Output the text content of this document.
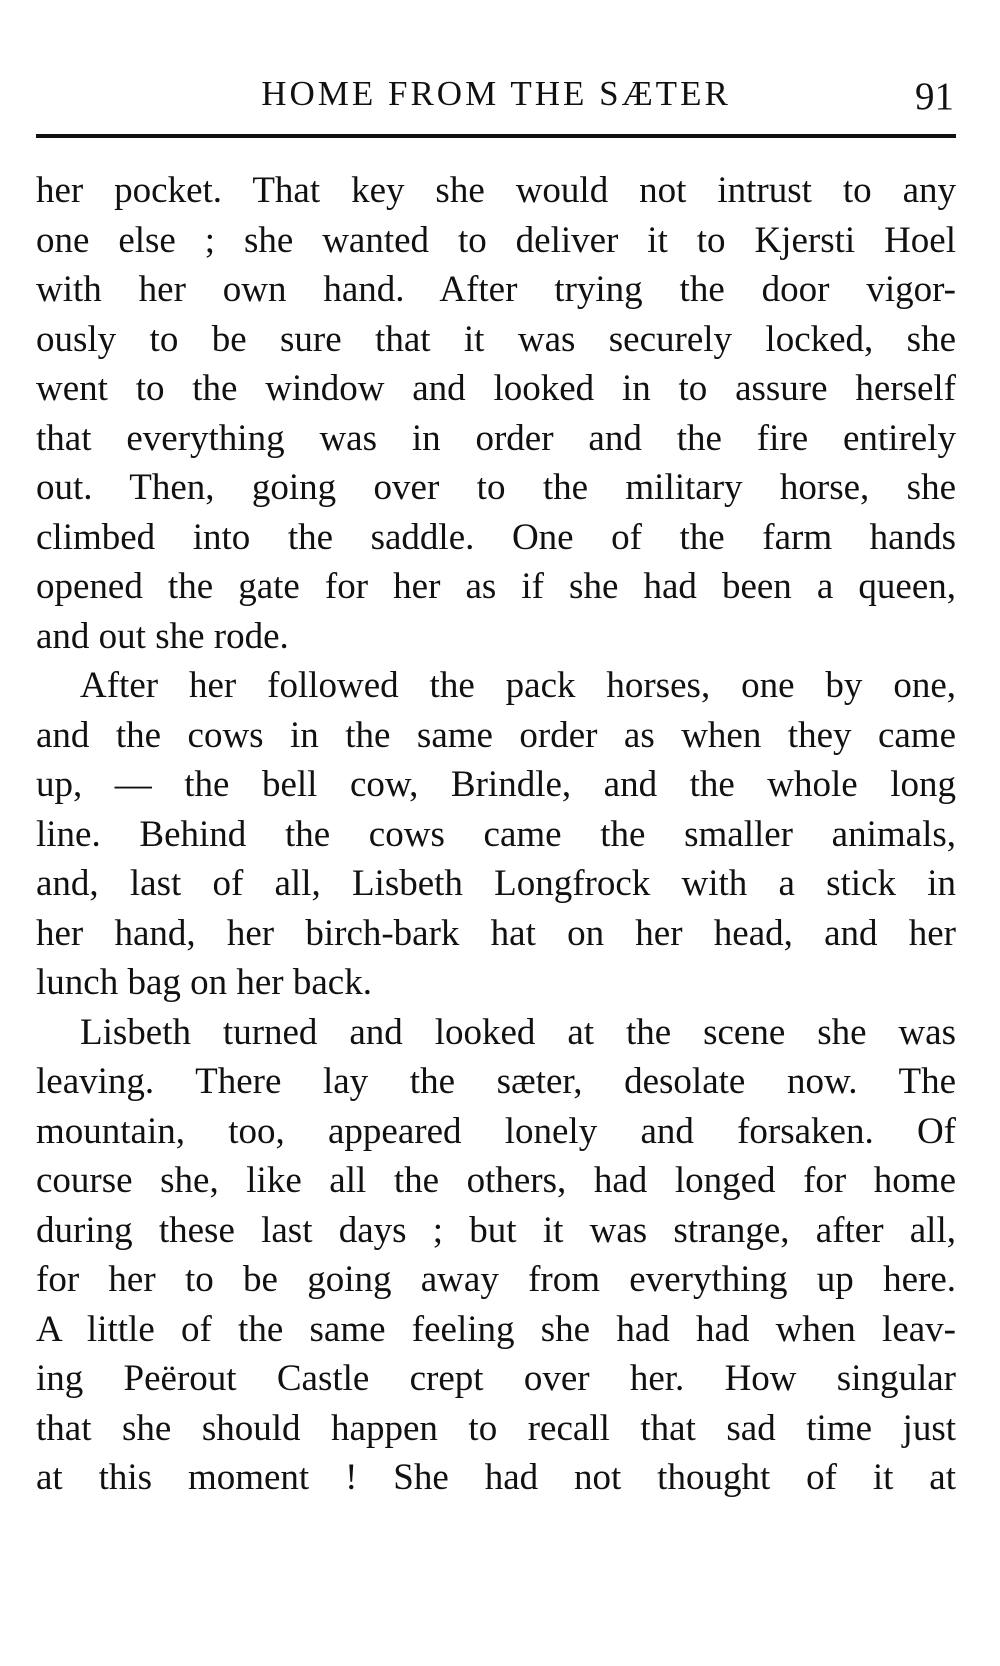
HOME FROM THE SÆTER	91
her pocket. That key she would not intrust to any
one else ; she wanted to deliver it to Kjersti Hoel
with her own hand. After trying the door vigor-
ously to be sure that it was securely locked, she
went to the window and looked in to assure herself
that everything was in order and the fire entirely
out. Then, going over to the military horse, she
climbed into the saddle. One of the farm hands
opened the gate for her as if she had been a queen,
and out she rode.
After her followed the pack horses, one by one,
and the cows in the same order as when they came
up, — the bell cow, Brindle, and the whole long
line. Behind the cows came the smaller animals,
and, last of all, Lisbeth Longfrock with a stick in
her hand, her birch-bark hat on her head, and her
lunch bag on her back.
Lisbeth turned and looked at the scene she was
leaving. There lay the sæter, desolate now. The
mountain, too, appeared lonely and forsaken. Of
course she, like all the others, had longed for home
during these last days ; but it was strange, after all,
for her to be going away from everything up here.
A little of the same feeling she had had when leav-
ing Peërout Castle crept over her. How singular
that she should happen to recall that sad time just
at this moment ! She had not thought of it at
